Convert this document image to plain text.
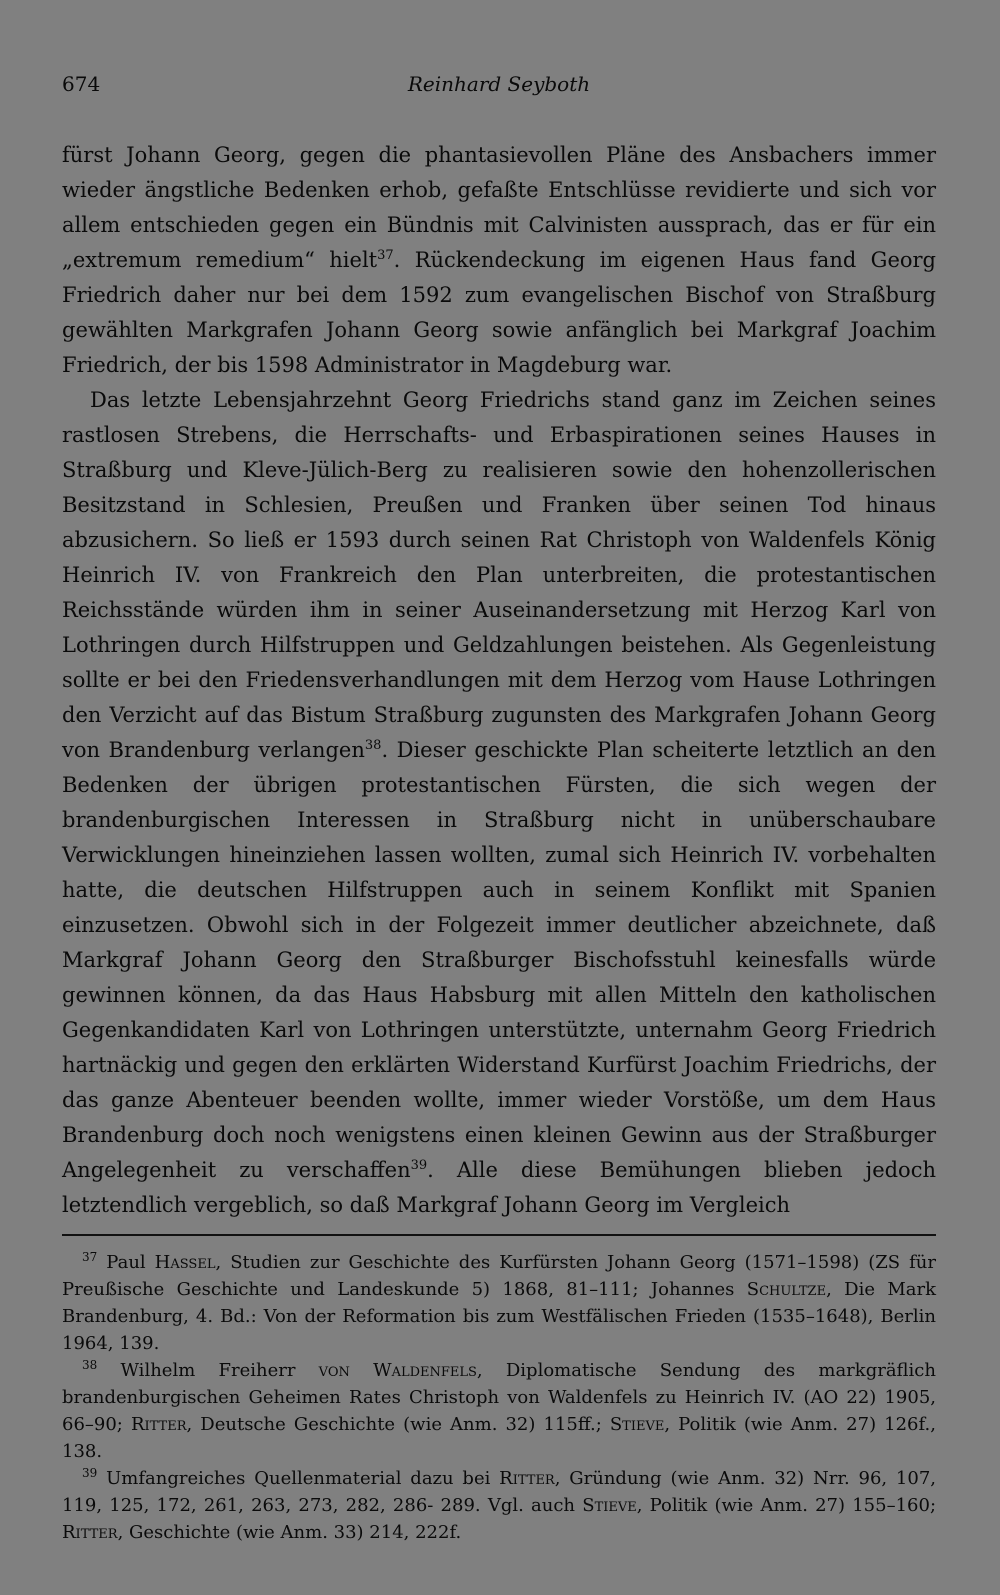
674	Reinhard Seyboth

fürst Johann Georg, gegen die phantasievollen Pläne des Ansbachers immer wieder ängstliche Bedenken erhob, gefaßte Entschlüsse revidierte und sich vor allem entschieden gegen ein Bündnis mit Calvinisten aussprach, das er für ein „extremum remedium“ hielt$^{37}$. Rückendeckung im eigenen Haus fand Georg Friedrich daher nur bei dem 1592 zum evangelischen Bischof von Straßburg gewählten Markgrafen Johann Georg sowie anfänglich bei Markgraf Joachim Friedrich, der bis 1598 Administrator in Magdeburg war.

Das letzte Lebensjahrzehnt Georg Friedrichs stand ganz im Zeichen seines rastlosen Strebens, die Herrschafts- und Erbaspirationen seines Hauses in Straßburg und Kleve-Jülich-Berg zu realisieren sowie den hohenzollerischen Besitzstand in Schlesien, Preußen und Franken über seinen Tod hinaus abzusichern. So ließ er 1593 durch seinen Rat Christoph von Waldenfels König Heinrich IV. von Frankreich den Plan unterbreiten, die protestantischen Reichsstände würden ihm in seiner Auseinandersetzung mit Herzog Karl von Lothringen durch Hilfstruppen und Geldzahlungen beistehen. Als Gegenleistung sollte er bei den Friedensverhandlungen mit dem Herzog vom Hause Lothringen den Verzicht auf das Bistum Straßburg zugunsten des Markgrafen Johann Georg von Brandenburg verlangen$^{38}$. Dieser geschickte Plan scheiterte letztlich an den Bedenken der übrigen protestantischen Fürsten, die sich wegen der brandenburgischen Interessen in Straßburg nicht in unüberschaubare Verwicklungen hineinziehen lassen wollten, zumal sich Heinrich IV. vorbehalten hatte, die deutschen Hilfstruppen auch in seinem Konflikt mit Spanien einzusetzen. Obwohl sich in der Folgezeit immer deutlicher abzeichnete, daß Markgraf Johann Georg den Straßburger Bischofsstuhl keinesfalls würde gewinnen können, da das Haus Habsburg mit allen Mitteln den katholischen Gegenkandidaten Karl von Lothringen unterstützte, unternahm Georg Friedrich hartnäckig und gegen den erklärten Widerstand Kurfürst Joachim Friedrichs, der das ganze Abenteuer beenden wollte, immer wieder Vorstöße, um dem Haus Brandenburg doch noch wenigstens einen kleinen Gewinn aus der Straßburger Angelegenheit zu verschaffen$^{39}$. Alle diese Bemühungen blieben jedoch letztendlich vergeblich, so daß Markgraf Johann Georg im Vergleich

$^{37}$ Paul Hassel, Studien zur Geschichte des Kurfürsten Johann Georg (1571–1598) (ZS für Preußische Geschichte und Landeskunde 5) 1868, 81–111; Johannes Schultze, Die Mark Brandenburg, 4. Bd.: Von der Reformation bis zum Westfälischen Frieden (1535–1648), Berlin 1964, 139.

$^{38}$ Wilhelm Freiherr von Waldenfels, Diplomatische Sendung des markgräflich brandenburgischen Geheimen Rates Christoph von Waldenfels zu Heinrich IV. (AO 22) 1905, 66–90; Ritter, Deutsche Geschichte (wie Anm. 32) 115ff.; Stieve, Politik (wie Anm. 27) 126f., 138.

$^{39}$ Umfangreiches Quellenmaterial dazu bei Ritter, Gründung (wie Anm. 32) Nrr. 96, 107, 119, 125, 172, 261, 263, 273, 282, 286- 289. Vgl. auch Stieve, Politik (wie Anm. 27) 155–160; Ritter, Geschichte (wie Anm. 33) 214, 222f.
